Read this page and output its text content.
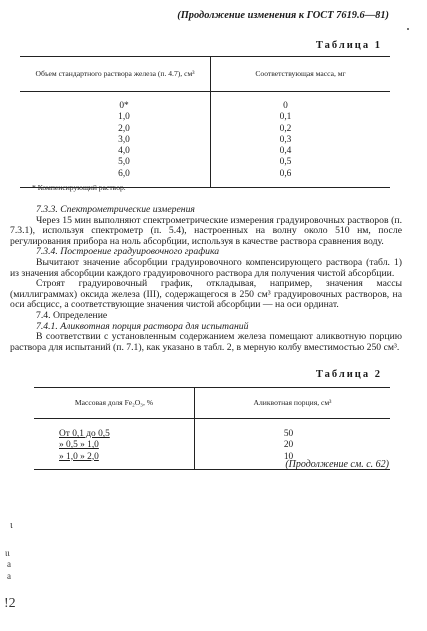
(Продолжение изменения к ГОСТ 7619.6—81)
Таблица 1
Объем стандартного раствора железа (п. 4.7), см³	Соответствующая масса, мг
0*	0
1,0	0,1
2,0	0,2
3,0	0,3
4,0	0,4
5,0	0,5
6,0	0,6
* Компенсирующий раствор.

7.3.3. Спектрометрические измерения

Через 15 мин выполняют спектрометрические измерения градуировочных растворов (п. 7.3.1), используя спектрометр (п. 5.4), настроенных на волну около 510 нм, после регулирования прибора на ноль абсорбции, используя в качестве раствора сравнения воду.

7.3.4. Построение градуировочного графика

Вычитают значение абсорбции градуировочного компенсирующего раствора (табл. 1) из значения абсорбции каждого градуировочного раствора для получения чистой абсорбции.

Строят градуировочный график, откладывая, например, значения массы (миллиграммах) оксида железа (III), содержащегося в 250 см³ градуировочных растворов, на оси абсцисс, а соответствующие значения чистой абсорбции — на оси ординат.

7.4. Определение

7.4.1. Аликвотная порция раствора для испытаний

В соответствии с установленным содержанием железа помещают аликвотную порцию раствора для испытаний (п. 7.1), как указано в табл. 2, в мерную колбу вместимостью 250 см³.

Таблица 2
Массовая доля Fe₂O₃, %	Аликвотная порция, см³
От 0,1 до 0,5	50
» 0,5 » 1,0	20
» 1,0 » 2,0	10
(Продолжение см. с. 62)
ɩ
ɩɩ
а
а
!2
